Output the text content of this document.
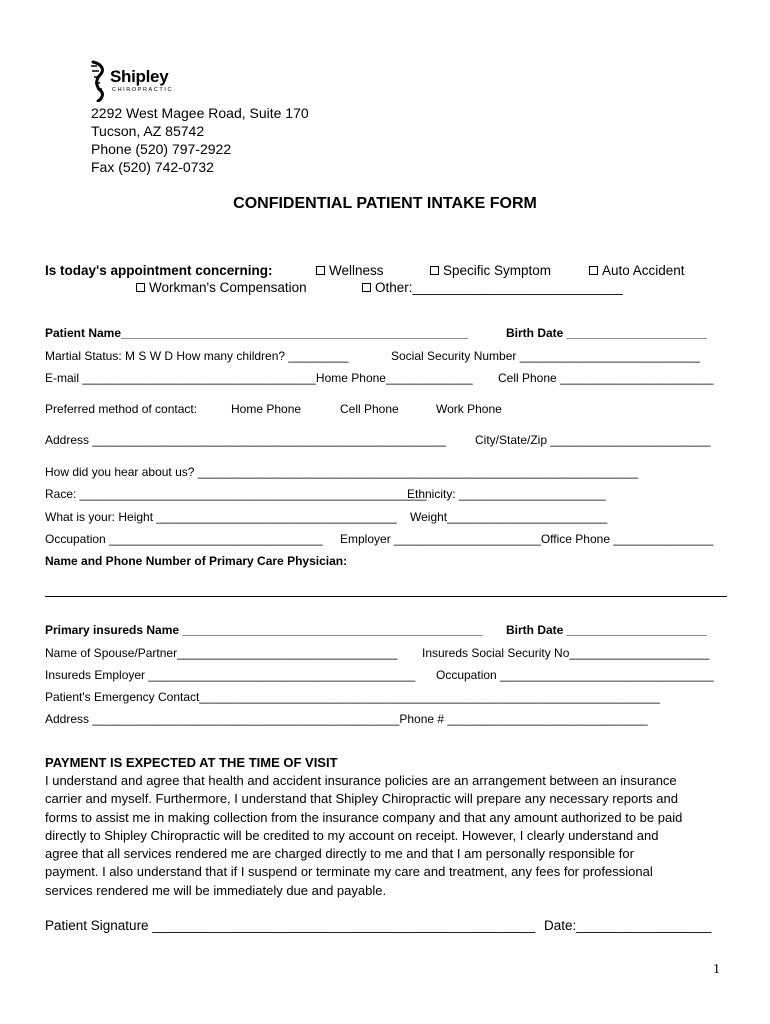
Shipley
CHIROPRACTIC
2292 West Magee Road, Suite 170
Tucson, AZ 85742
Phone (520) 797-2922
Fax (520) 742-0732
CONFIDENTIAL PATIENT INTAKE FORM
Is today's appointment concerning:	Wellness	Specific Symptom	Auto Accident
Workman's Compensation	Other:____________________________
Patient Name____________________________________________________	Birth Date _____________________
Martial Status: M S W D How many children? _________	Social Security Number ___________________________
E-mail ___________________________________Home Phone_____________ Cell Phone _______________________
Preferred method of contact:	Home Phone	Cell Phone	Work Phone
Address _____________________________________________________ City/State/Zip ________________________
How did you hear about us? __________________________________________________________________
Race: ____________________________________________________
Ethnicity: ______________________
What is your: Height ____________________________________ Weight________________________
Occupation ________________________________ Employer ______________________Office Phone _______________
Name and Phone Number of Primary Care Physician:
Primary insureds Name _____________________________________________ Birth Date _____________________
Name of Spouse/Partner_________________________________ Insureds Social Security No_____________________
Insureds Employer ________________________________________ Occupation ________________________________
Patient's Emergency Contact_____________________________________________________________________
Address ______________________________________________Phone # ______________________________
PAYMENT IS EXPECTED AT THE TIME OF VISIT
I understand and agree that health and accident insurance policies are an arrangement between an insurance
carrier and myself. Furthermore, I understand that Shipley Chiropractic will prepare any necessary reports and
forms to assist me in making collection from the insurance company and that any amount authorized to be paid
directly to Shipley Chiropractic will be credited to my account on receipt. However, I clearly understand and
agree that all services rendered me are charged directly to me and that I am personally responsible for
payment. I also understand that if I suspend or terminate my care and treatment, any fees for professional
services rendered me will be immediately due and payable.
Patient Signature ___________________________________________________ Date:__________________
1
